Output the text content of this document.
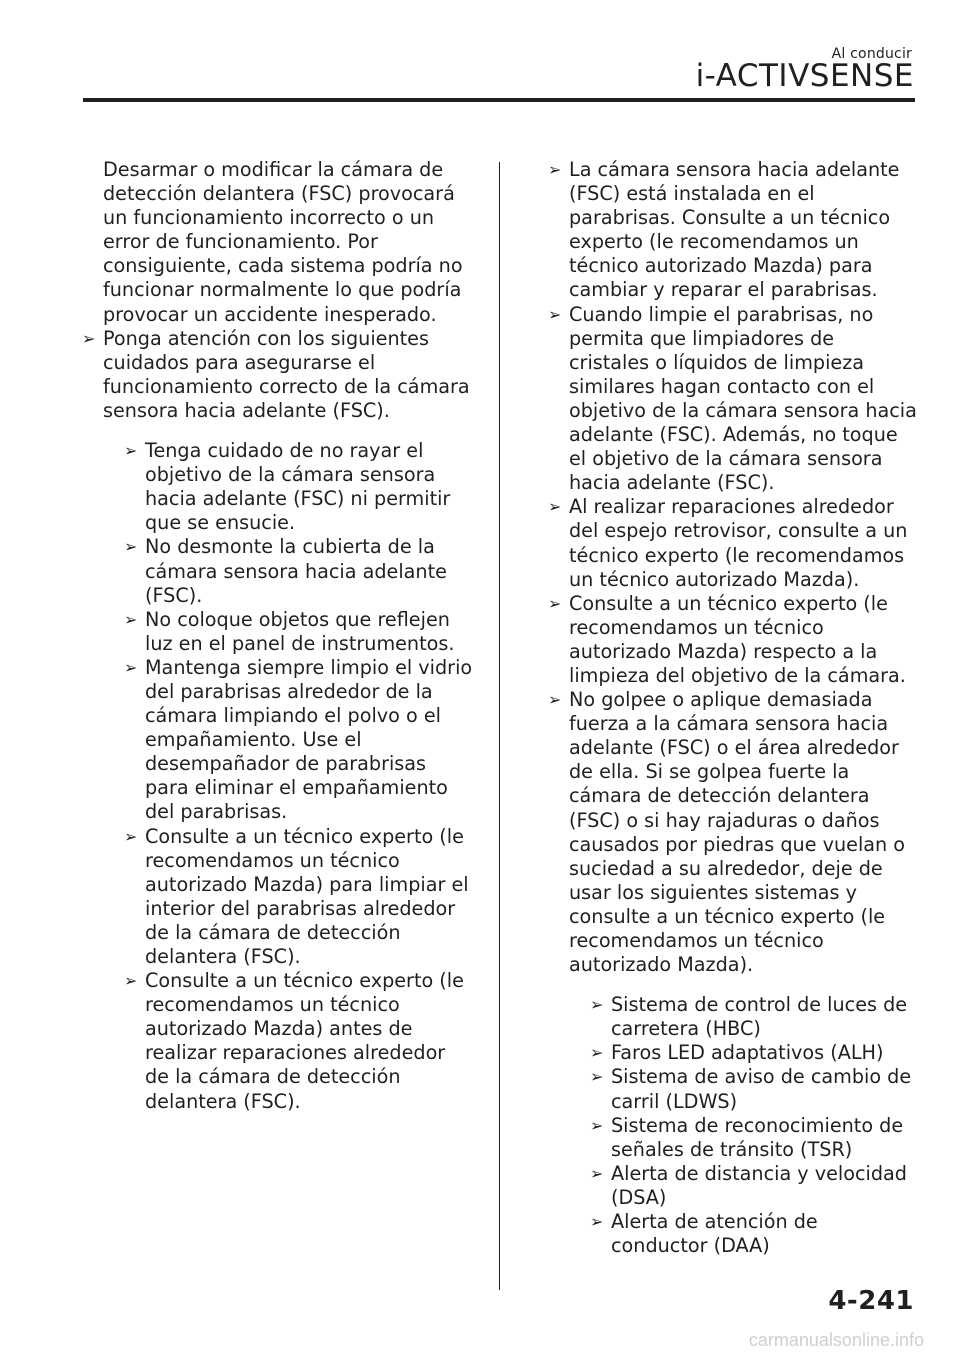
Al conducir
i-ACTIVSENSE

Desarmar o modificar la cámara de detección delantera (FSC) provocará un funcionamiento incorrecto o un error de funcionamiento. Por consiguiente, cada sistema podría no funcionar normalmente lo que podría provocar un accidente inesperado.

➢ Ponga atención con los siguientes cuidados para asegurarse el funcionamiento correcto de la cámara sensora hacia adelante (FSC).
➢ Tenga cuidado de no rayar el objetivo de la cámara sensora hacia adelante (FSC) ni permitir que se ensucie.
➢ No desmonte la cubierta de la cámara sensora hacia adelante (FSC).
➢ No coloque objetos que reflejen luz en el panel de instrumentos.
➢ Mantenga siempre limpio el vidrio del parabrisas alrededor de la cámara limpiando el polvo o el empañamiento. Use el desempañador de parabrisas para eliminar el empañamiento del parabrisas.
➢ Consulte a un técnico experto (le recomendamos un técnico autorizado Mazda) para limpiar el interior del parabrisas alrededor de la cámara de detección delantera (FSC).
➢ Consulte a un técnico experto (le recomendamos un técnico autorizado Mazda) antes de realizar reparaciones alrededor de la cámara de detección delantera (FSC).
➢ La cámara sensora hacia adelante (FSC) está instalada en el parabrisas. Consulte a un técnico experto (le recomendamos un técnico autorizado Mazda) para cambiar y reparar el parabrisas.
➢ Cuando limpie el parabrisas, no permita que limpiadores de cristales o líquidos de limpieza similares hagan contacto con el objetivo de la cámara sensora hacia adelante (FSC). Además, no toque el objetivo de la cámara sensora hacia adelante (FSC).
➢ Al realizar reparaciones alrededor del espejo retrovisor, consulte a un técnico experto (le recomendamos un técnico autorizado Mazda).
➢ Consulte a un técnico experto (le recomendamos un técnico autorizado Mazda) respecto a la limpieza del objetivo de la cámara.
➢ No golpee o aplique demasiada fuerza a la cámara sensora hacia adelante (FSC) o el área alrededor de ella. Si se golpea fuerte la cámara de detección delantera (FSC) o si hay rajaduras o daños causados por piedras que vuelan o suciedad a su alrededor, deje de usar los siguientes sistemas y consulte a un técnico experto (le recomendamos un técnico autorizado Mazda).
➢ Sistema de control de luces de carretera (HBC)
➢ Faros LED adaptativos (ALH)
➢ Sistema de aviso de cambio de carril (LDWS)
➢ Sistema de reconocimiento de señales de tránsito (TSR)
➢ Alerta de distancia y velocidad (DSA)
➢ Alerta de atención de conductor (DAA)
4-241
carmanualsonline.info
